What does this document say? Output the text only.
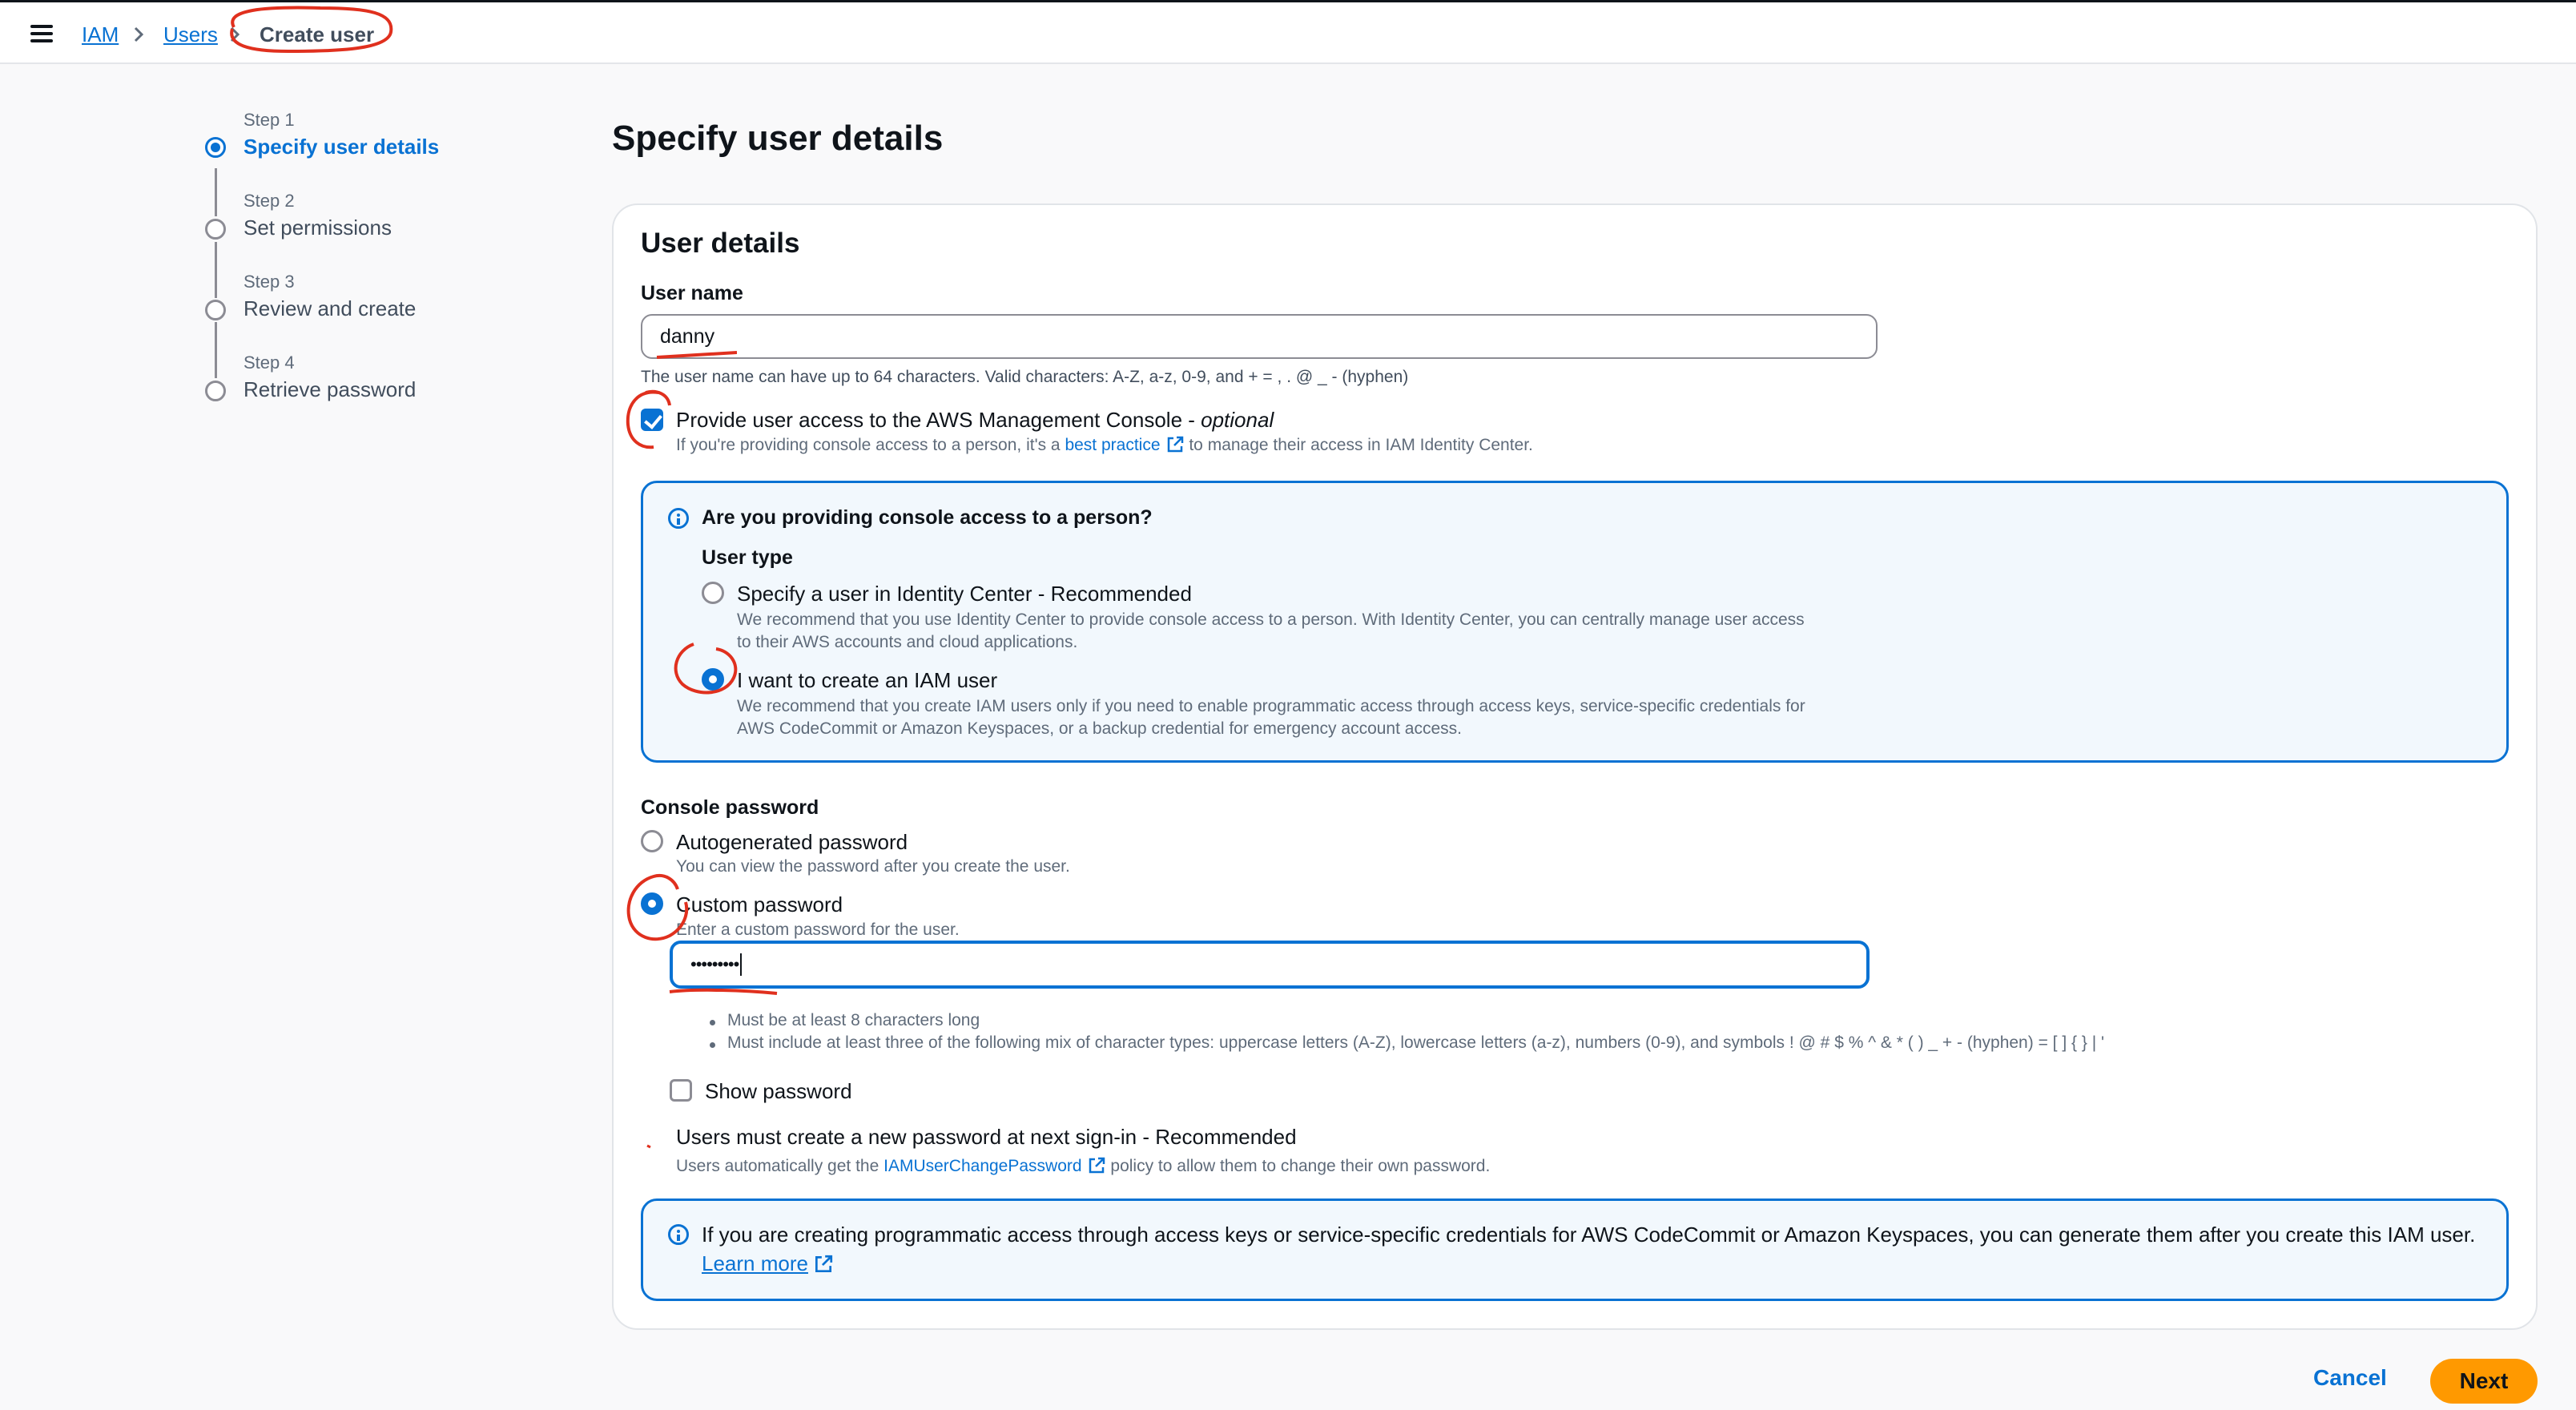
IAM Users Create user
Step 1
Specify user details
Step 2
Set permissions
Step 3
Review and create
Step 4
Retrieve password
Specify user details
User details
User name
danny
The user name can have up to 64 characters. Valid characters: A-Z, a-z, 0-9, and + = , . @ _ - (hyphen)
Provide user access to the AWS Management Console - optional
If you're providing console access to a person, it's a best practice to manage their access in IAM Identity Center.
Are you providing console access to a person?
User type
Specify a user in Identity Center - Recommended
We recommend that you use Identity Center to provide console access to a person. With Identity Center, you can centrally manage user access
to their AWS accounts and cloud applications.
I want to create an IAM user
We recommend that you create IAM users only if you need to enable programmatic access through access keys, service-specific credentials for
AWS CodeCommit or Amazon Keyspaces, or a backup credential for emergency account access.
Console password
Autogenerated password
You can view the password after you create the user.
Custom password
Enter a custom password for the user.
•••••••••
Must be at least 8 characters long
Must include at least three of the following mix of character types: uppercase letters (A-Z), lowercase letters (a-z), numbers (0-9), and symbols ! @ # $ % ^ & * ( ) _ + - (hyphen) = [ ] { } | '
Show password
Users must create a new password at next sign-in - Recommended
Users automatically get the IAMUserChangePassword policy to allow them to change their own password.
If you are creating programmatic access through access keys or service-specific credentials for AWS CodeCommit or Amazon Keyspaces, you can generate them after you create this IAM user.
Learn more
Cancel	Next
